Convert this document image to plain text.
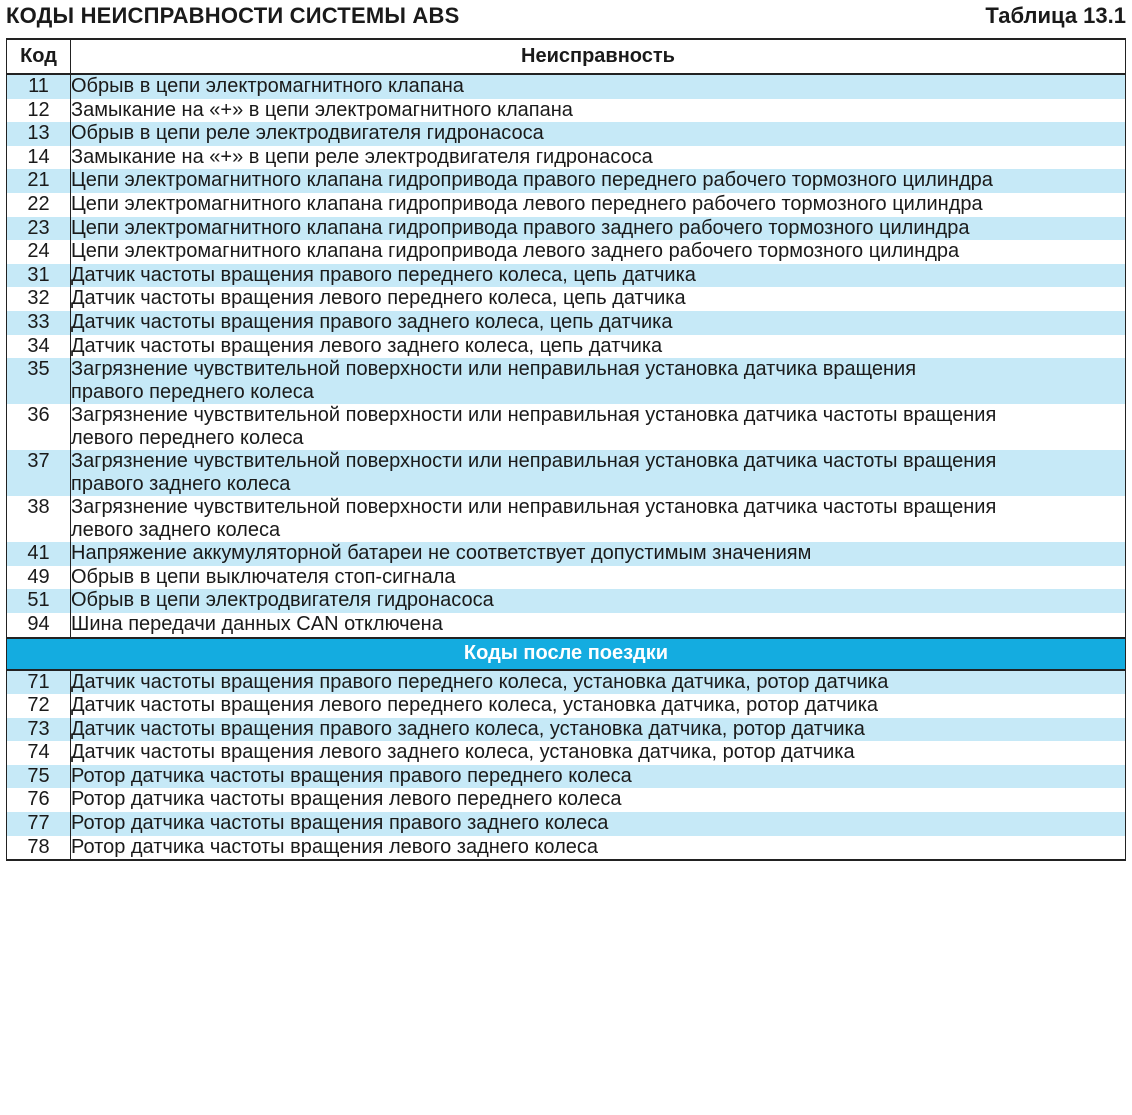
КОДЫ НЕИСПРАВНОСТИ СИСТЕМЫ ABS	Таблица 13.1
Код	Неисправность
11	Обрыв в цепи электромагнитного клапана

12	Замыкание на «+» в цепи электромагнитного клапана

13	Обрыв в цепи реле электродвигателя гидронасоса

14	Замыкание на «+» в цепи реле электродвигателя гидронасоса

21	Цепи электромагнитного клапана гидропривода правого переднего рабочего тормозного цилиндра

22	Цепи электромагнитного клапана гидропривода левого переднего рабочего тормозного цилиндра

23	Цепи электромагнитного клапана гидропривода правого заднего рабочего тормозного цилиндра

24	Цепи электромагнитного клапана гидропривода левого заднего рабочего тормозного цилиндра

31	Датчик частоты вращения правого переднего колеса, цепь датчика

32	Датчик частоты вращения левого переднего колеса, цепь датчика

33	Датчик частоты вращения правого заднего колеса, цепь датчика

34	Датчик частоты вращения левого заднего колеса, цепь датчика

35	Загрязнение чувствительной поверхности или неправильная установка датчика вращения
правого переднего колеса

36	Загрязнение чувствительной поверхности или неправильная установка датчика частоты вращения
левого переднего колеса

37	Загрязнение чувствительной поверхности или неправильная установка датчика частоты вращения
правого заднего колеса

38	Загрязнение чувствительной поверхности или неправильная установка датчика частоты вращения
левого заднего колеса

41	Напряжение аккумуляторной батареи не соответствует допустимым значениям

49	Обрыв в цепи выключателя стоп-сигнала

51	Обрыв в цепи электродвигателя гидронасоса

94	Шина передачи данных CAN отключена

Коды после поездки	
71	Датчик частоты вращения правого переднего колеса, установка датчика, ротор датчика

72	Датчик частоты вращения левого переднего колеса, установка датчика, ротор датчика

73	Датчик частоты вращения правого заднего колеса, установка датчика, ротор датчика

74	Датчик частоты вращения левого заднего колеса, установка датчика, ротор датчика

75	Ротор датчика частоты вращения правого переднего колеса

76	Ротор датчика частоты вращения левого переднего колеса

77	Ротор датчика частоты вращения правого заднего колеса

78	Ротор датчика частоты вращения левого заднего колеса
